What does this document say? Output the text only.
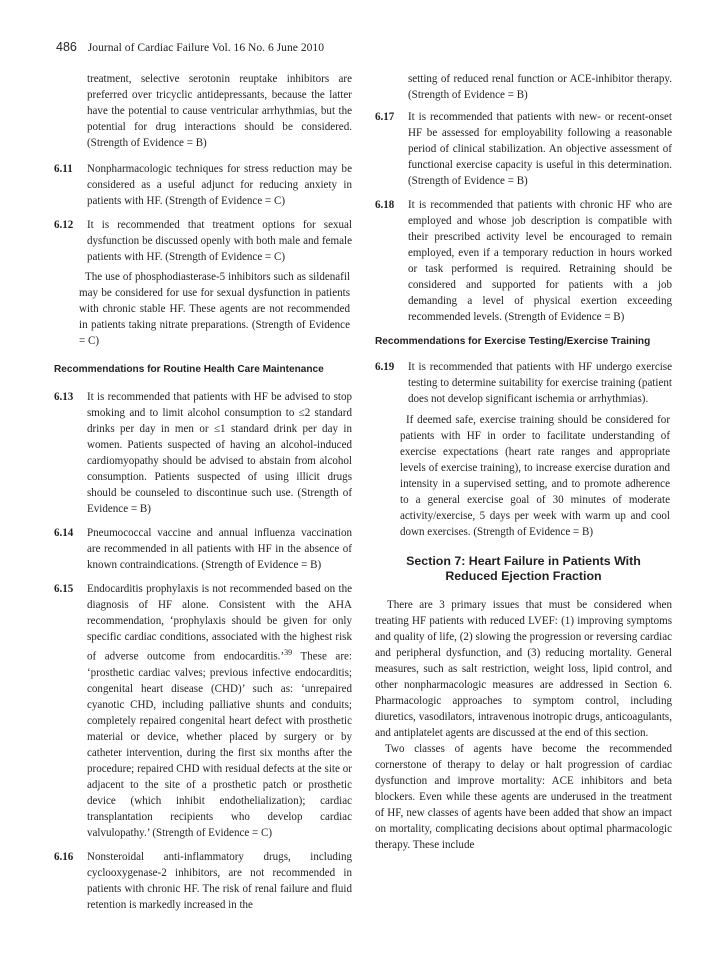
486 Journal of Cardiac Failure Vol. 16 No. 6 June 2010
treatment, selective serotonin reuptake inhibitors are preferred over tricyclic antidepressants, because the latter have the potential to cause ventricular arrhythmias, but the potential for drug interactions should be considered. (Strength of Evidence = B)
6.11 Nonpharmacologic techniques for stress reduction may be considered as a useful adjunct for reducing anxiety in patients with HF. (Strength of Evidence = C)
6.12 It is recommended that treatment options for sexual dysfunction be discussed openly with both male and female patients with HF. (Strength of Evidence = C)

The use of phosphodiasterase-5 inhibitors such as sildenafil may be considered for use for sexual dysfunction in patients with chronic stable HF. These agents are not recommended in patients taking nitrate preparations. (Strength of Evidence = C)

Recommendations for Routine Health Care Maintenance
6.13 It is recommended that patients with HF be advised to stop smoking and to limit alcohol consumption to ≤2 standard drinks per day in men or ≤1 standard drink per day in women. Patients suspected of having an alcohol-induced cardiomyopathy should be advised to abstain from alcohol consumption. Patients suspected of using illicit drugs should be counseled to discontinue such use. (Strength of Evidence = B)
6.14 Pneumococcal vaccine and annual influenza vaccination are recommended in all patients with HF in the absence of known contraindications. (Strength of Evidence = B)
6.15 Endocarditis prophylaxis is not recommended based on the diagnosis of HF alone. Consistent with the AHA recommendation, ‘prophylaxis should be given for only specific cardiac conditions, associated with the highest risk of adverse outcome from endocarditis.’$^{39}$ These are: ‘prosthetic cardiac valves; previous infective endocarditis; congenital heart disease (CHD)’ such as: ‘unrepaired cyanotic CHD, including palliative shunts and conduits; completely repaired congenital heart defect with prosthetic material or device, whether placed by surgery or by catheter intervention, during the first six months after the procedure; repaired CHD with residual defects at the site or adjacent to the site of a prosthetic patch or prosthetic device (which inhibit endothelialization); cardiac transplantation recipients who develop cardiac valvulopathy.’ (Strength of Evidence = C)
6.16 Nonsteroidal anti-inflammatory drugs, including cyclooxygenase-2 inhibitors, are not recommended in patients with chronic HF. The risk of renal failure and fluid retention is markedly increased in the
setting of reduced renal function or ACE-inhibitor therapy. (Strength of Evidence = B)
6.17 It is recommended that patients with new- or recent-onset HF be assessed for employability following a reasonable period of clinical stabilization. An objective assessment of functional exercise capacity is useful in this determination. (Strength of Evidence = B)
6.18 It is recommended that patients with chronic HF who are employed and whose job description is compatible with their prescribed activity level be encouraged to remain employed, even if a temporary reduction in hours worked or task performed is required. Retraining should be considered and supported for patients with a job demanding a level of physical exertion exceeding recommended levels. (Strength of Evidence = B)
Recommendations for Exercise Testing/Exercise Training
6.19 It is recommended that patients with HF undergo exercise testing to determine suitability for exercise training (patient does not develop significant ischemia or arrhythmias).

If deemed safe, exercise training should be considered for patients with HF in order to facilitate understanding of exercise expectations (heart rate ranges and appropriate levels of exercise training), to increase exercise duration and intensity in a supervised setting, and to promote adherence to a general exercise goal of 30 minutes of moderate activity/exercise, 5 days per week with warm up and cool down exercises. (Strength of Evidence = B)

Section 7: Heart Failure in Patients With Reduced Ejection Fraction

There are 3 primary issues that must be considered when treating HF patients with reduced LVEF: (1) improving symptoms and quality of life, (2) slowing the progression or reversing cardiac and peripheral dysfunction, and (3) reducing mortality. General measures, such as salt restriction, weight loss, lipid control, and other nonpharmacologic measures are addressed in Section 6. Pharmacologic approaches to symptom control, including diuretics, vasodilators, intravenous inotropic drugs, anticoagulants, and antiplatelet agents are discussed at the end of this section.

Two classes of agents have become the recommended cornerstone of therapy to delay or halt progression of cardiac dysfunction and improve mortality: ACE inhibitors and beta blockers. Even while these agents are underused in the treatment of HF, new classes of agents have been added that show an impact on mortality, complicating decisions about optimal pharmacologic therapy. These include
